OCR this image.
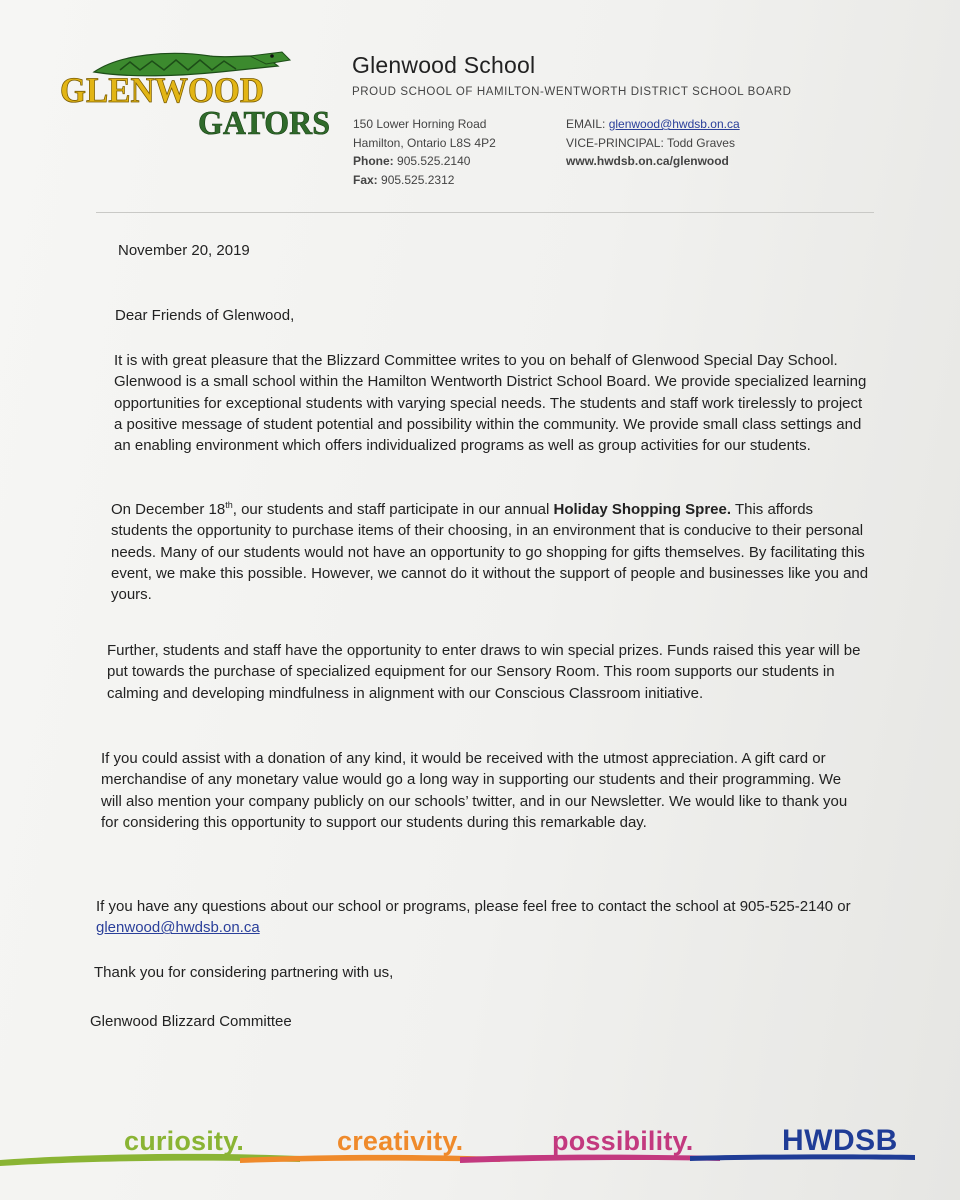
GLENWOOD
GATORS
Glenwood School
PROUD SCHOOL OF HAMILTON-WENTWORTH DISTRICT SCHOOL BOARD
150 Lower Horning Road
Hamilton, Ontario L8S 4P2
Phone: 905.525.2140
Fax: 905.525.2312
EMAIL: glenwood@hwdsb.on.ca
VICE-PRINCIPAL: Todd Graves
www.hwdsb.on.ca/glenwood
November 20, 2019
Dear Friends of Glenwood,

It is with great pleasure that the Blizzard Committee writes to you on behalf of Glenwood Special Day School. Glenwood is a small school within the Hamilton Wentworth District School Board. We provide specialized learning opportunities for exceptional students with varying special needs. The students and staff work tirelessly to project a positive message of student potential and possibility within the community. We provide small class settings and an enabling environment which offers individualized programs as well as group activities for our students.

On December 18th, our students and staff participate in our annual Holiday Shopping Spree. This affords students the opportunity to purchase items of their choosing, in an environment that is conducive to their personal needs. Many of our students would not have an opportunity to go shopping for gifts themselves. By facilitating this event, we make this possible. However, we cannot do it without the support of people and businesses like you and yours.

Further, students and staff have the opportunity to enter draws to win special prizes. Funds raised this year will be put towards the purchase of specialized equipment for our Sensory Room. This room supports our students in calming and developing mindfulness in alignment with our Conscious Classroom initiative.

If you could assist with a donation of any kind, it would be received with the utmost appreciation. A gift card or merchandise of any monetary value would go a long way in supporting our students and their programming. We will also mention your company publicly on our schools’ twitter, and in our Newsletter. We would like to thank you for considering this opportunity to support our students during this remarkable day.

If you have any questions about our school or programs, please feel free to contact the school at 905-525-2140 or glenwood@hwdsb.on.ca

Thank you for considering partnering with us,
Glenwood Blizzard Committee
curiosity.	creativity.	possibility.	HWDSB
